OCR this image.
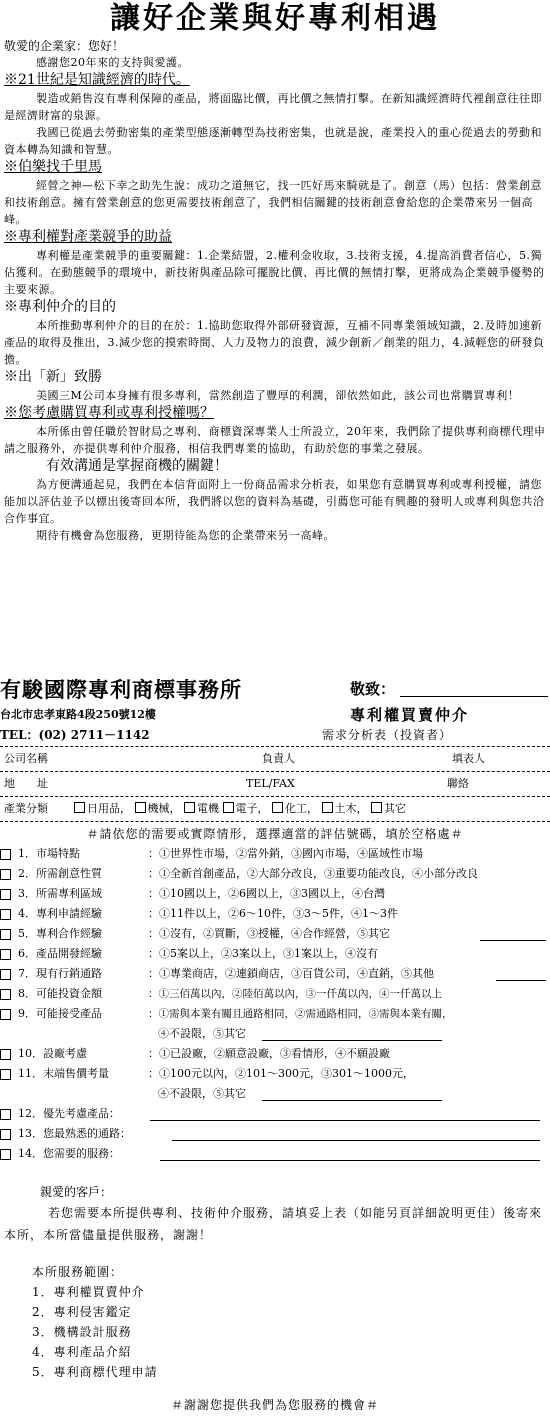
讓好企業與好專利相遇

敬愛的企業家：您好！

感謝您20年來的支持與愛護。

※21世紀是知識經濟的時代。

製造或銷售沒有專利保障的產品，將面臨比價，再比價之無情打擊。在新知識經濟時代裡創意往往即是經濟財富的泉源。

我國已從過去勞動密集的產業型態逐漸轉型為技術密集，也就是說，產業投入的重心從過去的勞動和資本轉為知識和智慧。

※伯樂找千里馬

經營之神—松下幸之助先生說：成功之道無它，找一匹好馬來騎就是了。創意（馬）包括：營業創意和技術創意。擁有營業創意的您更需要技術創意了，我們相信關鍵的技術創意會給您的企業帶來另一個高峰。

※專利權對產業競爭的助益

專利權是產業競爭的重要關鍵：1.企業結盟，2.權利金收取，3.技術支援，4.提高消費者信心，5.獨佔獲利。在動態競爭的環境中，新技術與產品除可擺脫比價、再比價的無情打擊，更將成為企業競爭優勢的主要來源。

※專利仲介的目的

本所推動專利仲介的目的在於：1.協助您取得外部研發資源，互補不同專業領域知識，2.及時加速新產品的取得及推出，3.減少您的摸索時間、人力及物力的浪費，減少創新／創業的阻力，4.減輕您的研發負擔。

※出「新」致勝

美國三M公司本身擁有很多專利，當然創造了豐厚的利潤，卻依然如此，該公司也常購買專利！

※您考慮購買專利或專利授權嗎？

本所係由曾任職於智財局之專利、商標資深專業人士所設立，20年來，我們除了提供專利商標代理申請之服務外，亦提供專利仲介服務，相信我們專業的協助，有助於您的事業之發展。

有效溝通是掌握商機的關鍵！

為方便溝通起見，我們在本信背面附上一份商品需求分析表，如果您有意購買專利或專利授權，請您能加以評估並予以標出後寄回本所，我們將以您的資料為基礎，引薦您可能有興趣的發明人或專利與您共洽合作事宜。

期待有機會為您服務，更期待能為您的企業帶來另一高峰。

有駿國際專利商標事務所	敬致：
台北市忠孝東路4段250號12樓	專利權買賣仲介
TEL：(02) 2711－1142	需求分析表（投資者）
公司名稱	負責人	填表人
地　　址	TEL/FAX	聯絡
產業分類	日用品， 機械， 電機 電子， 化工， 土木， 其它
＃請依您的需要或實際情形，選擇適當的評估號碼，填於空格處＃
1．市場特點	：①世界性市場，②當外銷，③國內市場，④區域性市場
2．所需創意性質	：①全新首創產品，②大部分改良，③重要功能改良，④小部分改良
3．所需專利區域	：①10國以上，②6國以上，③3國以上，④台灣
4．專利申請經驗	：①11件以上，②6～10件，③3～5件，④1～3件
5．專利合作經驗	：①沒有，②買斷，③授權，④合作經營，⑤其它
6．產品開發經驗	：①5案以上，②3案以上，③1案以上，④沒有
7．現有行銷通路	：①專業商店，②連鎖商店，③百貨公司，④直銷，⑤其他
8．可能投資金額	：①三佰萬以內，②陸佰萬以內，③一仟萬以內，④一仟萬以上
9．可能接受產品	：①需與本業有關且通路相同，②需通路相同，③需與本業有關，
④不設限，⑤其它
10．設廠考慮	：①已設廠，②願意設廠，③看情形，④不願設廠
11．末端售價考量	：①100元以內，②101～300元，③301～1000元，
④不設限，⑤其它
12．優先考慮產品：
13．您最熟悉的通路：
14．您需要的服務：

親愛的客戶：

若您需要本所提供專利、技術仲介服務，請填妥上表（如能另頁詳細說明更佳）後寄來本所，本所當儘量提供服務，謝謝！

本所服務範圍：

1．專利權買賣仲介

2．專利侵害鑑定

3．機構設計服務

4．專利產品介紹

5．專利商標代理申請

＃謝謝您提供我們為您服務的機會＃
